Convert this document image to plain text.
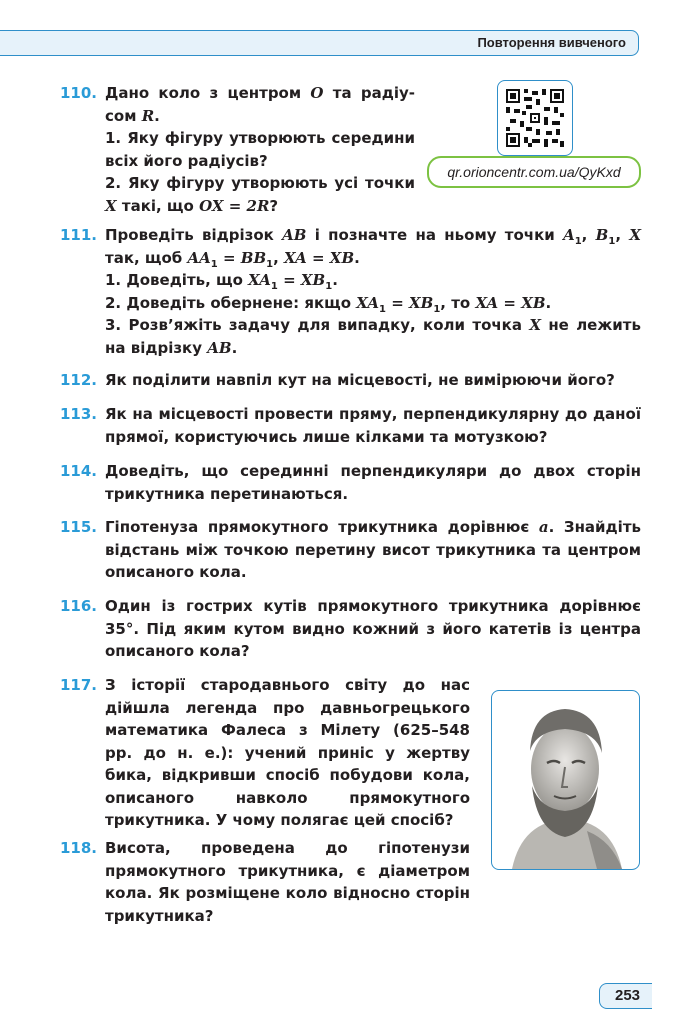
Повторення вивченого
110. Дано коло з центром O та радіу- сом R.

1. Яку фігуру утворюють середини всіх його радіусів?

2. Яку фігуру утворюють усі точки X такі, що OX = 2R?

qr.orioncentr.com.ua/QyKxd
111. Проведіть відрізок AB і позначте на ньому точки $A_1$, $B_1$, X так, щоб $AA_1 = BB_1$, XA = XB.

1. Доведіть, що $XA_1 = XB_1$.

2. Доведіть обернене: якщо $XA_1 = XB_1$, то XA = XB.

3. Розв’яжіть задачу для випадку, коли точка X не лежить на відрізку AB.

112. Як поділити навпіл кут на місцевості, не вимірюючи його?
113. Як на місцевості провести пряму, перпендикулярну до даної прямої, користуючись лише кілками та мотузкою?
114. Доведіть, що серединні перпендикуляри до двох сторін трикутника перетинаються.
115. Гіпотенуза прямокутного трикутника дорівнює a. Знайдіть відстань між точкою перетину висот трикутника та центром описаного кола.
116. Один із гострих кутів прямокутного трикутника дорівнює 35°. Під яким кутом видно кожний з його катетів із центра описаного кола?
117. З історії стародавнього світу до нас дійшла легенда про давньогрецького математика Фалеса з Мілету (625–548 рр. до н. е.): учений приніс у жертву бика, відкривши спосіб побудови кола, описаного навколо прямокутного трикутника. У чому полягає цей спосіб?
118. Висота, проведена до гіпотенузи прямокутного трикутника, є діаметром кола. Як розміщене коло відносно сторін трикутника?
253
